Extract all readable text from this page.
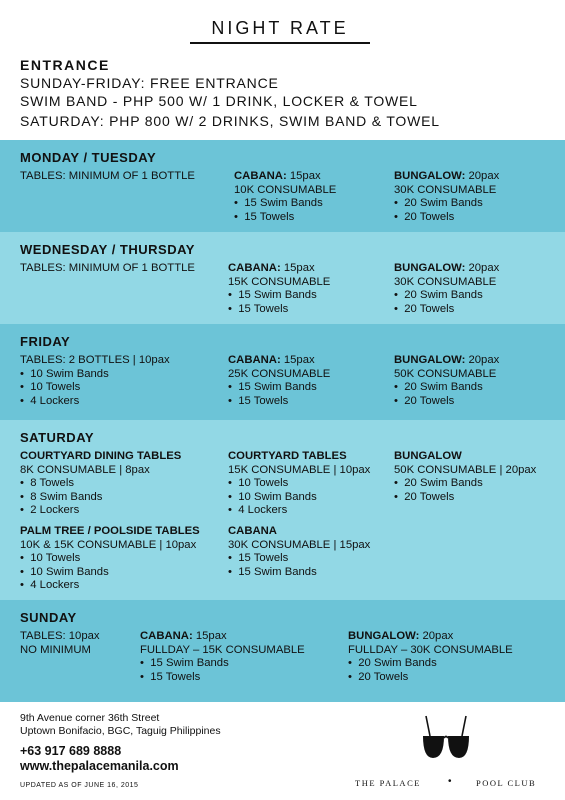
NIGHT RATE
ENTRANCE
SUNDAY-FRIDAY: FREE ENTRANCE
SWIM BAND - PHP 500 W/ 1 DRINK, LOCKER & TOWEL
SATURDAY: PHP 800 W/ 2 DRINKS, SWIM BAND & TOWEL
MONDAY / TUESDAY
TABLES: MINIMUM OF 1 BOTTLE	CABANA: 15pax
10K CONSUMABLE
•  15 Swim Bands
•  15 Towels
BUNGALOW: 20pax
30K CONSUMABLE
•  20 Swim Bands
•  20 Towels
WEDNESDAY / THURSDAY
TABLES: MINIMUM OF 1 BOTTLE	CABANA: 15pax
15K CONSUMABLE
•  15 Swim Bands
•  15 Towels
BUNGALOW: 20pax
30K CONSUMABLE
•  20 Swim Bands
•  20 Towels
FRIDAY
TABLES: 2 BOTTLES | 10pax
•  10 Swim Bands
•  10 Towels
•  4 Lockers
CABANA: 15pax
25K CONSUMABLE
•  15 Swim Bands
•  15 Towels
BUNGALOW: 20pax
50K CONSUMABLE
•  20 Swim Bands
•  20 Towels
SATURDAY
COURTYARD DINING TABLES
8K CONSUMABLE | 8pax
•  8 Towels
•  8 Swim Bands
•  2 Lockers
COURTYARD TABLES
15K CONSUMABLE | 10pax
•  10 Towels
•  10 Swim Bands
•  4 Lockers
BUNGALOW
50K CONSUMABLE | 20pax
•  20 Swim Bands
•  20 Towels
PALM TREE / POOLSIDE TABLES
10K & 15K CONSUMABLE | 10pax
•  10 Towels
•  10 Swim Bands
•  4 Lockers
CABANA
30K CONSUMABLE | 15pax
•  15 Towels
•  15 Swim Bands
SUNDAY
TABLES: 10pax
NO MINIMUM
CABANA: 15pax
FULLDAY – 15K CONSUMABLE
•  15 Swim Bands
•  15 Towels
BUNGALOW: 20pax
FULLDAY – 30K CONSUMABLE
•  20 Swim Bands
•  20 Towels
9th Avenue corner 36th Street
Uptown Bonifacio, BGC, Taguig Philippines
+63 917 689 8888
www.thepalacemanila.com
UPDATED AS OF JUNE 16, 2015	THE PALACE	•	POOL CLUB
